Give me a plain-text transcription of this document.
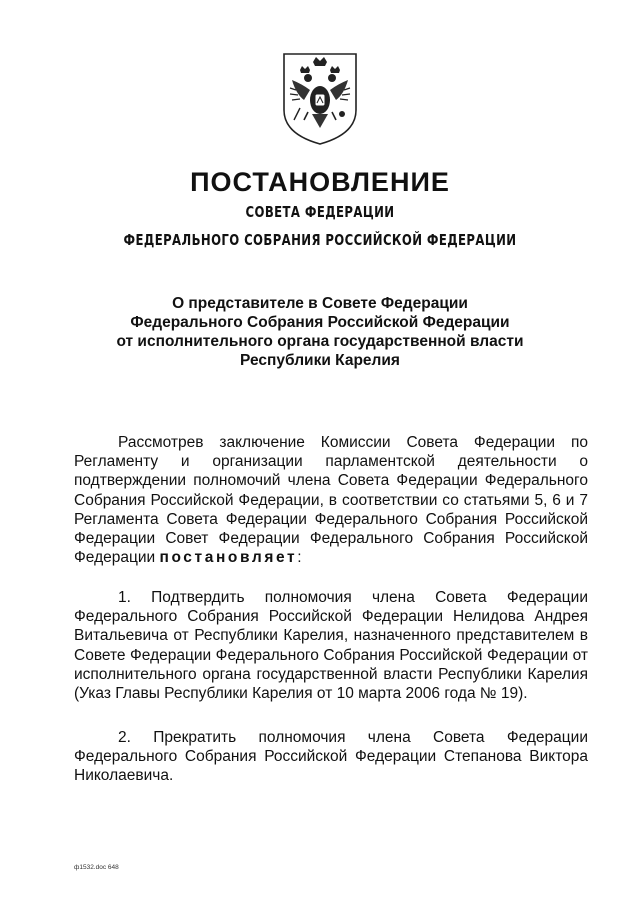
ПОСТАНОВЛЕНИЕ
СОВЕТА ФЕДЕРАЦИИ
ФЕДЕРАЛЬНОГО СОБРАНИЯ РОССИЙСКОЙ ФЕДЕРАЦИИ
О представителе в Совете Федерации
Федерального Собрания Российской Федерации
от исполнительного органа государственной власти
Республики Карелия

Рассмотрев заключение Комиссии Совета Федерации по Регламенту и организации парламентской деятельности о подтверждении полномочий члена Совета Федерации Федерального Собрания Российской Федерации, в соответствии со статьями 5, 6 и 7 Регламента Совета Федерации Федерального Собрания Российской Федерации Совет Федерации Федерального Собрания Российской Федерации постановляет:

1. Подтвердить полномочия члена Совета Федерации Федерального Собрания Российской Федерации Нелидова Андрея Витальевича от Республики Карелия, назначенного представителем в Совете Федерации Федерального Собрания Российской Федерации от исполнительного органа государственной власти Республики Карелия (Указ Главы Республики Карелия от 10 марта 2006 года № 19).

2. Прекратить полномочия члена Совета Федерации Федерального Собрания Российской Федерации Степанова Виктора Николаевича.

ф1532.doc 648
